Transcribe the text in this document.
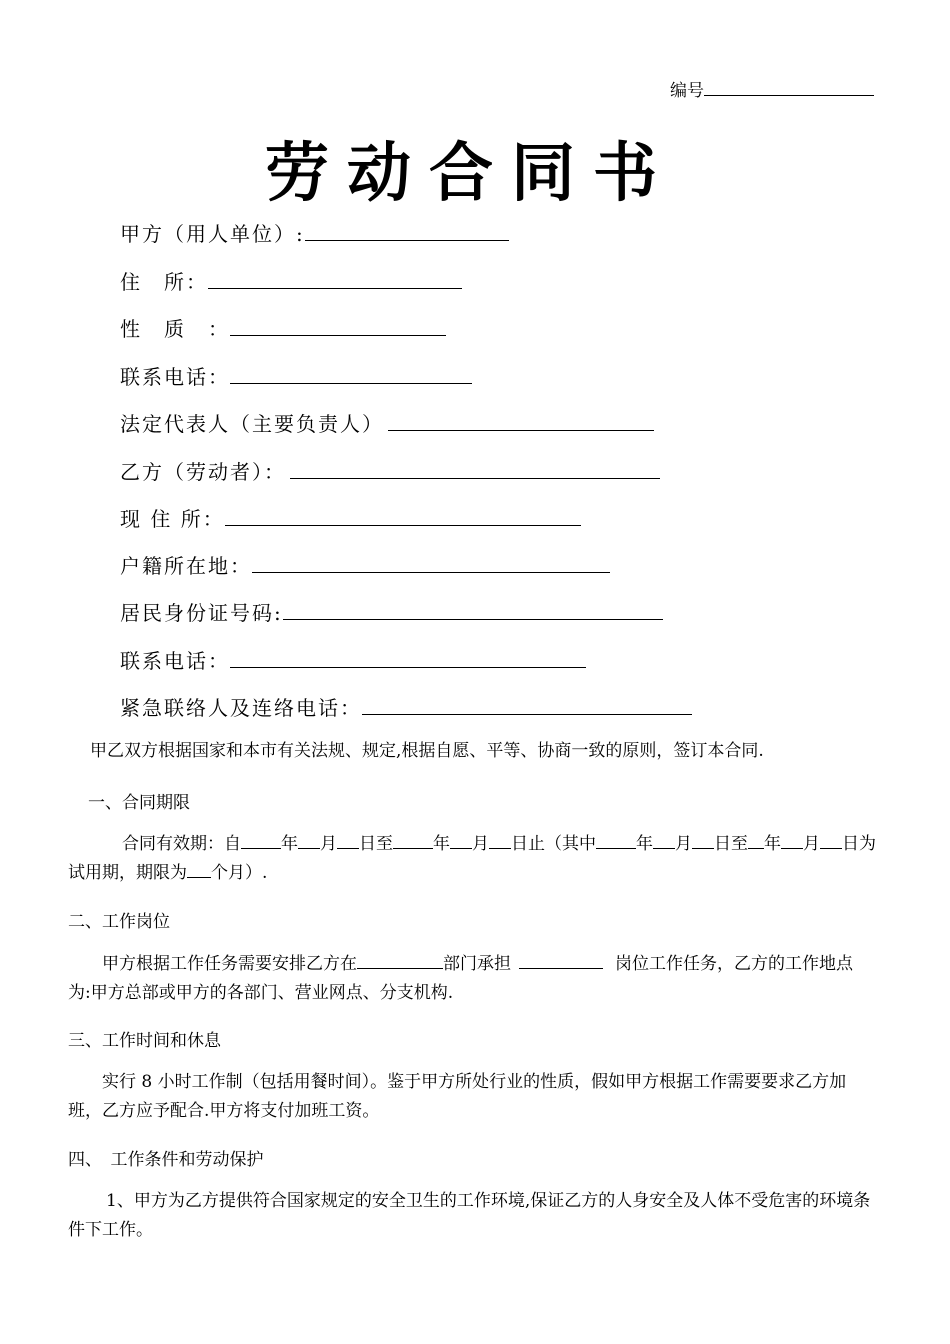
编号
劳动合同书
甲方（用人单位）:
住　所：
性　质　：
联系电话：
法定代表人（主要负责人）
乙方（劳动者）：
现 住 所：
户籍所在地：
居民身份证号码:
联系电话：
紧急联络人及连络电话：
甲乙双方根据国家和本市有关法规、规定,根据自愿、平等、协商一致的原则，签订本合同.
一、合同期限
合同有效期：自 年 月 日至 年 月 日止（其中 年 月 日至 年 月 日为试用期，期限为 个月）.
二、工作岗位
甲方根据工作任务需要安排乙方在	部门承担	岗位工作任务，乙方的工作地点为:甲方总部或甲方的各部门、营业网点、分支机构.
三、工作时间和休息
实行 8 小时工作制（包括用餐时间）。鉴于甲方所处行业的性质，假如甲方根据工作需要要求乙方加班，乙方应予配合.甲方将支付加班工资。
四、　工作条件和劳动保护
1、甲方为乙方提供符合国家规定的安全卫生的工作环境,保证乙方的人身安全及人体不受危害的环境条件下工作。
